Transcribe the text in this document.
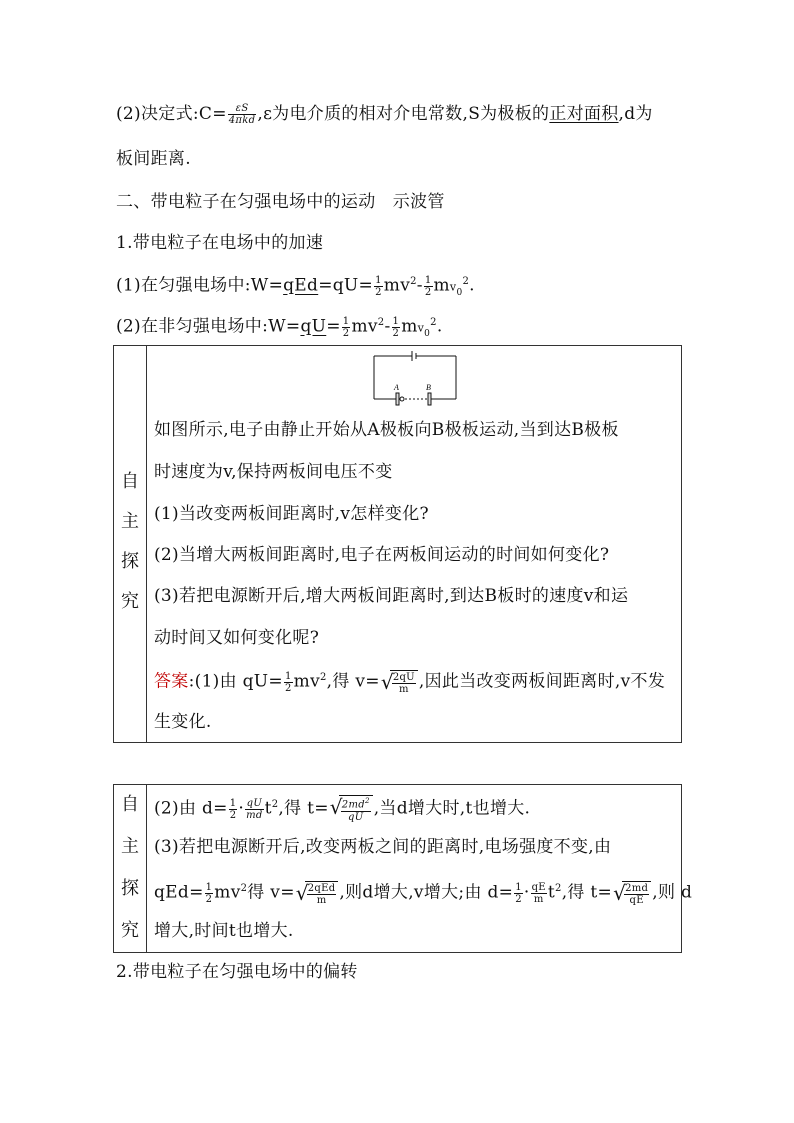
(2)决定式:C= $\frac{\varepsilon S}{\text{4πkd}} ,\varepsilon$为电介质的相对介电常数,S为极板的正对面积,d为
板间距离.
二、带电粒子在匀强电场中的运动　示波管
1.带电粒子在电场中的加速
(1)在匀强电场中:W=qEd=qU= $\frac{1}{2} mv^2- \frac{1}{2} mv_0^2$.
(2)在非匀强电场中:W=qU= $\frac{1}{2} mv^2- \frac{1}{2} mv_0^2$.
自
主
探
究
A	B
如图所示,电子由静止开始从A极板向B极板运动,当到达B极板
时速度为v,保持两板间电压不变
(1)当改变两板间距离时,v怎样变化?
(2)当增大两板间距离时,电子在两板间运动的时间如何变化?
(3)若把电源断开后,增大两板间距离时,到达B板时的速度v和运
动时间又如何变化呢?
答案:(1)由 $qU= \frac{1}{2} mv^2$,得 v= √
$\frac{2qU}{m}$ ,因此当改变两板间距离时,v不发
生变化.
自
主
探
究
(2)由 $d= \frac{1}{2} \cdot \frac{qU}{md} t^2$,得 t= √
$\frac{2md^2}{qU}$ ,当d增大时,t也增大.
(3)若把电源断开后,改变两板之间的距离时,电场强度不变,由
$qEd= \frac{1}{2} mv^2$得 v= √
$\frac{\text{2qEd}}{m}$ ,则d增大,v增大;由 $d= \frac{1}{2} \cdot \frac{qE}{m} t^2$,得 t= √
$\frac{2md}{qE}$ ,则 d
增大,时间t也增大.
2.带电粒子在匀强电场中的偏转
